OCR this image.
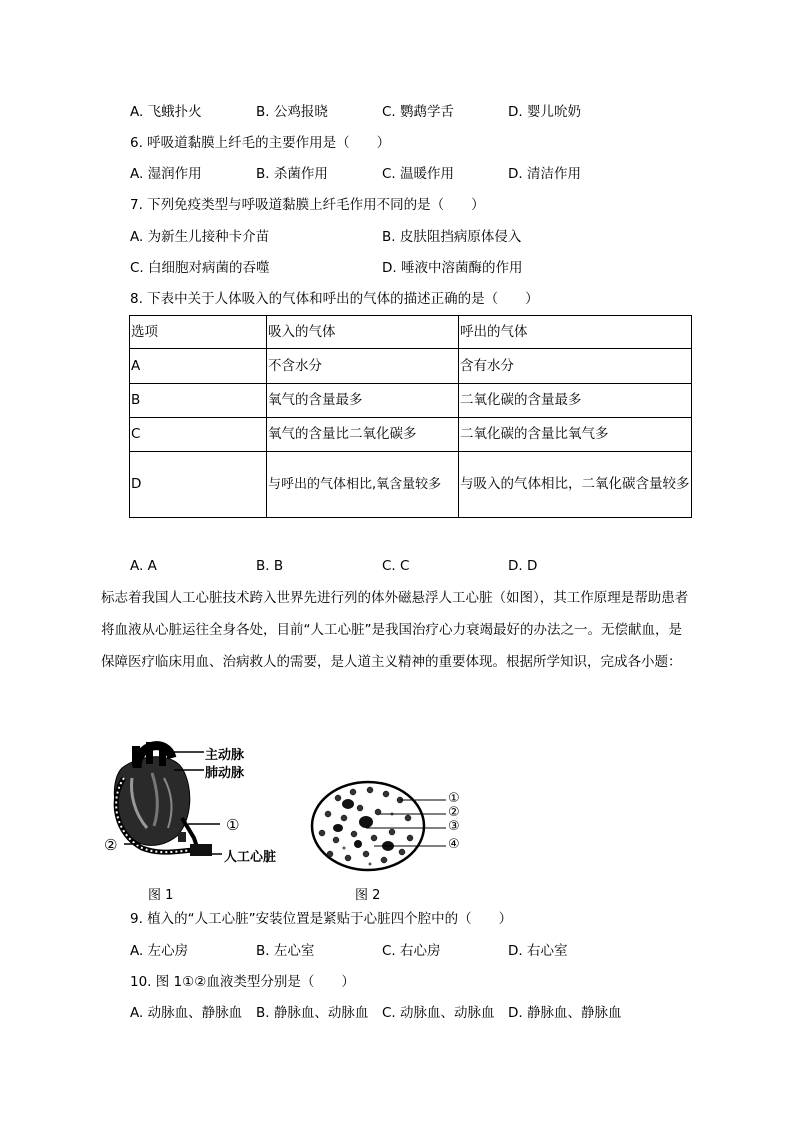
A. 飞蛾扑火	B. 公鸡报晓	C. 鹦鹉学舌	D. 婴儿吮奶
6. 呼吸道黏膜上纤毛的主要作用是（　　）
A. 湿润作用	B. 杀菌作用	C. 温暖作用	D. 清洁作用
7. 下列免疫类型与呼吸道黏膜上纤毛作用不同的是（　　）
A. 为新生儿接种卡介苗	B. 皮肤阻挡病原体侵入
C. 白细胞对病菌的吞噬	D. 唾液中溶菌酶的作用
8. 下表中关于人体吸入的气体和呼出的气体的描述正确的是（　　）
选项	吸入的气体	呼出的气体
A	不含水分	含有水分
B	氧气的含量最多	二氧化碳的含量最多
C	氧气的含量比二氧化碳多	二氧化碳的含量比氧气多
D	与呼出的气体相比,氧含量较多	与吸入的气体相比，二氧化碳含量较多
A. A	B. B	C. C	D. D
标志着我国人工心脏技术跨入世界先进行列的体外磁悬浮人工心脏（如图），其工作原理是帮助患者将血液从心脏运往全身各处，目前“人工心脏”是我国治疗心力衰竭最好的办法之一。无偿献血，是保障医疗临床用血、治病救人的需要，是人道主义精神的重要体现。根据所学知识，完成各小题：
主动脉
肺动脉
①
②
人工心脏
图 1
①
②
③
④
图 2
9. 植入的“人工心脏”安装位置是紧贴于心脏四个腔中的（　　）
A. 左心房	B. 左心室	C. 右心房	D. 右心室
10. 图 1①②血液类型分别是（　　）
A. 动脉血、静脉血 B. 静脉血、动脉血 C. 动脉血、动脉血 D. 静脉血、静脉血
